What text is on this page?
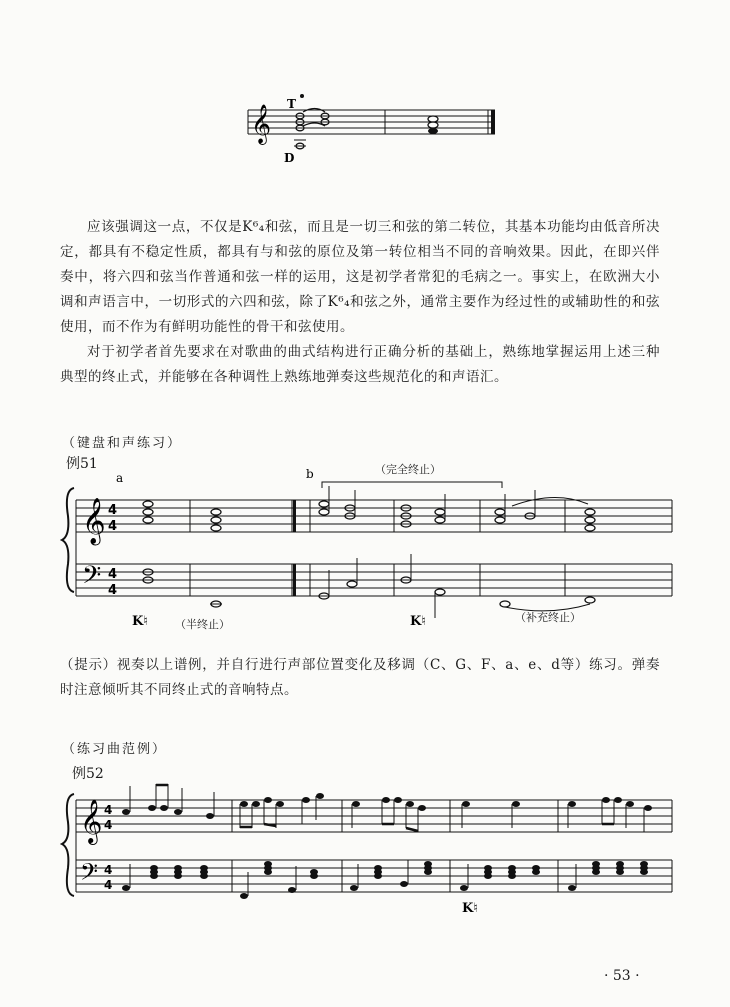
𝄞 T
D

应该强调这一点，不仅是K⁶₄和弦，而且是一切三和弦的第二转位，其基本功能均由低音所决定，都具有不稳定性质，都具有与和弦的原位及第一转位相当不同的音响效果。因此，在即兴伴奏中，将六四和弦当作普通和弦一样的运用，这是初学者常犯的毛病之一。事实上，在欧洲大小调和声语言中，一切形式的六四和弦，除了K⁶₄和弦之外，通常主要作为经过性的或辅助性的和弦使用，而不作为有鲜明功能性的骨干和弦使用。

对于初学者首先要求在对歌曲的曲式结构进行正确分析的基础上，熟练地掌握运用上述三种典型的终止式，并能够在各种调性上熟练地弹奏这些规范化的和声语汇。

（键盘和声练习）
例51
𝄞
𝄢
4
4
4
4
a	b
K♮	K♮
（完全终止）
（半终止）
（补充终止）

（提示）视奏以上谱例，并自行进行声部位置变化及移调（C、G、F、a、e、d等）练习。弹奏时注意倾听其不同终止式的音响特点。

（练习曲范例）
例52
𝄞
𝄢
4
4
4
4
K♮
· 53 ·
